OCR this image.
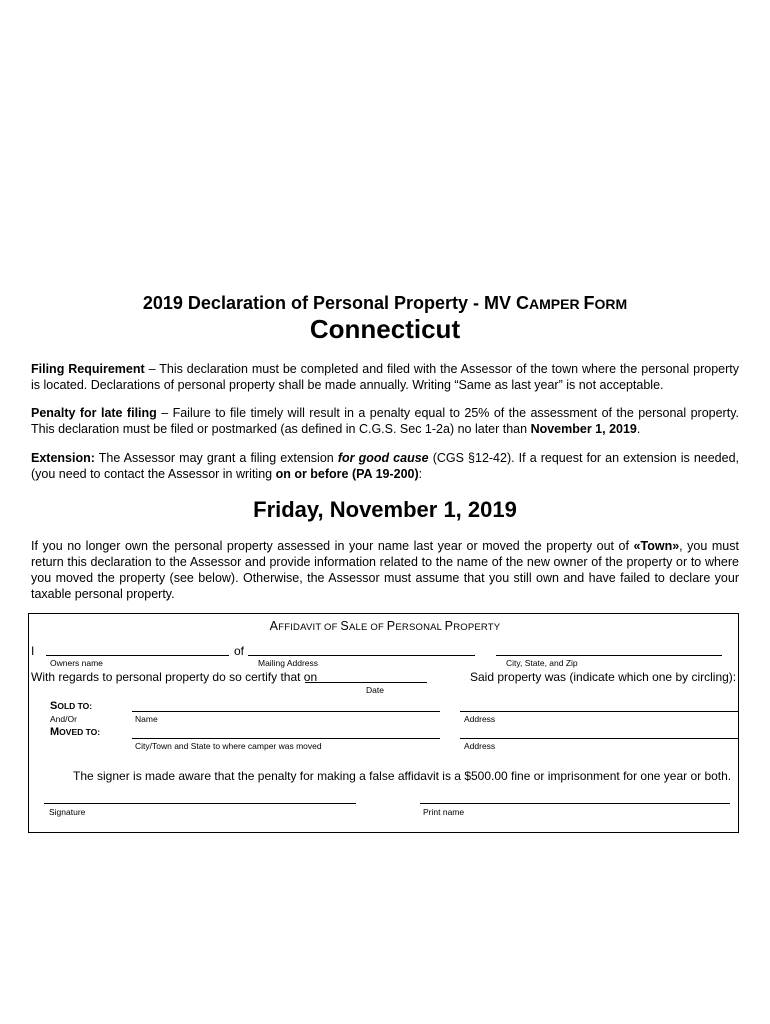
2019 Declaration of Personal Property - MV CAMPER FORM
Connecticut
Filing Requirement – This declaration must be completed and filed with the Assessor of the town where the personal property is located. Declarations of personal property shall be made annually. Writing “Same as last year” is not acceptable.
Penalty for late filing – Failure to file timely will result in a penalty equal to 25% of the assessment of the personal property. This declaration must be filed or postmarked (as defined in C.G.S. Sec 1-2a) no later than November 1, 2019.
Extension: The Assessor may grant a filing extension for good cause (CGS §12-42). If a request for an extension is needed, (you need to contact the Assessor in writing on or before (PA 19-200):
Friday, November 1, 2019
If you no longer own the personal property assessed in your name last year or moved the property out of «Town», you must return this declaration to the Assessor and provide information related to the name of the new owner of the property or to where you moved the property (see below). Otherwise, the Assessor must assume that you still own and have failed to declare your taxable personal property.
AFFIDAVIT OF SALE OF PERSONAL PROPERTY
I	of
Owners name	Mailing Address	City, State, and Zip
With regards to personal property do so certify that on
Date
Said property was (indicate which one by circling):
SOLD TO:
And/Or	Name	Address
MOVED TO:
City/Town and State to where camper was moved	Address
The signer is made aware that the penalty for making a false affidavit is a $500.00 fine or imprisonment for one year or both.
Signature	Print name
